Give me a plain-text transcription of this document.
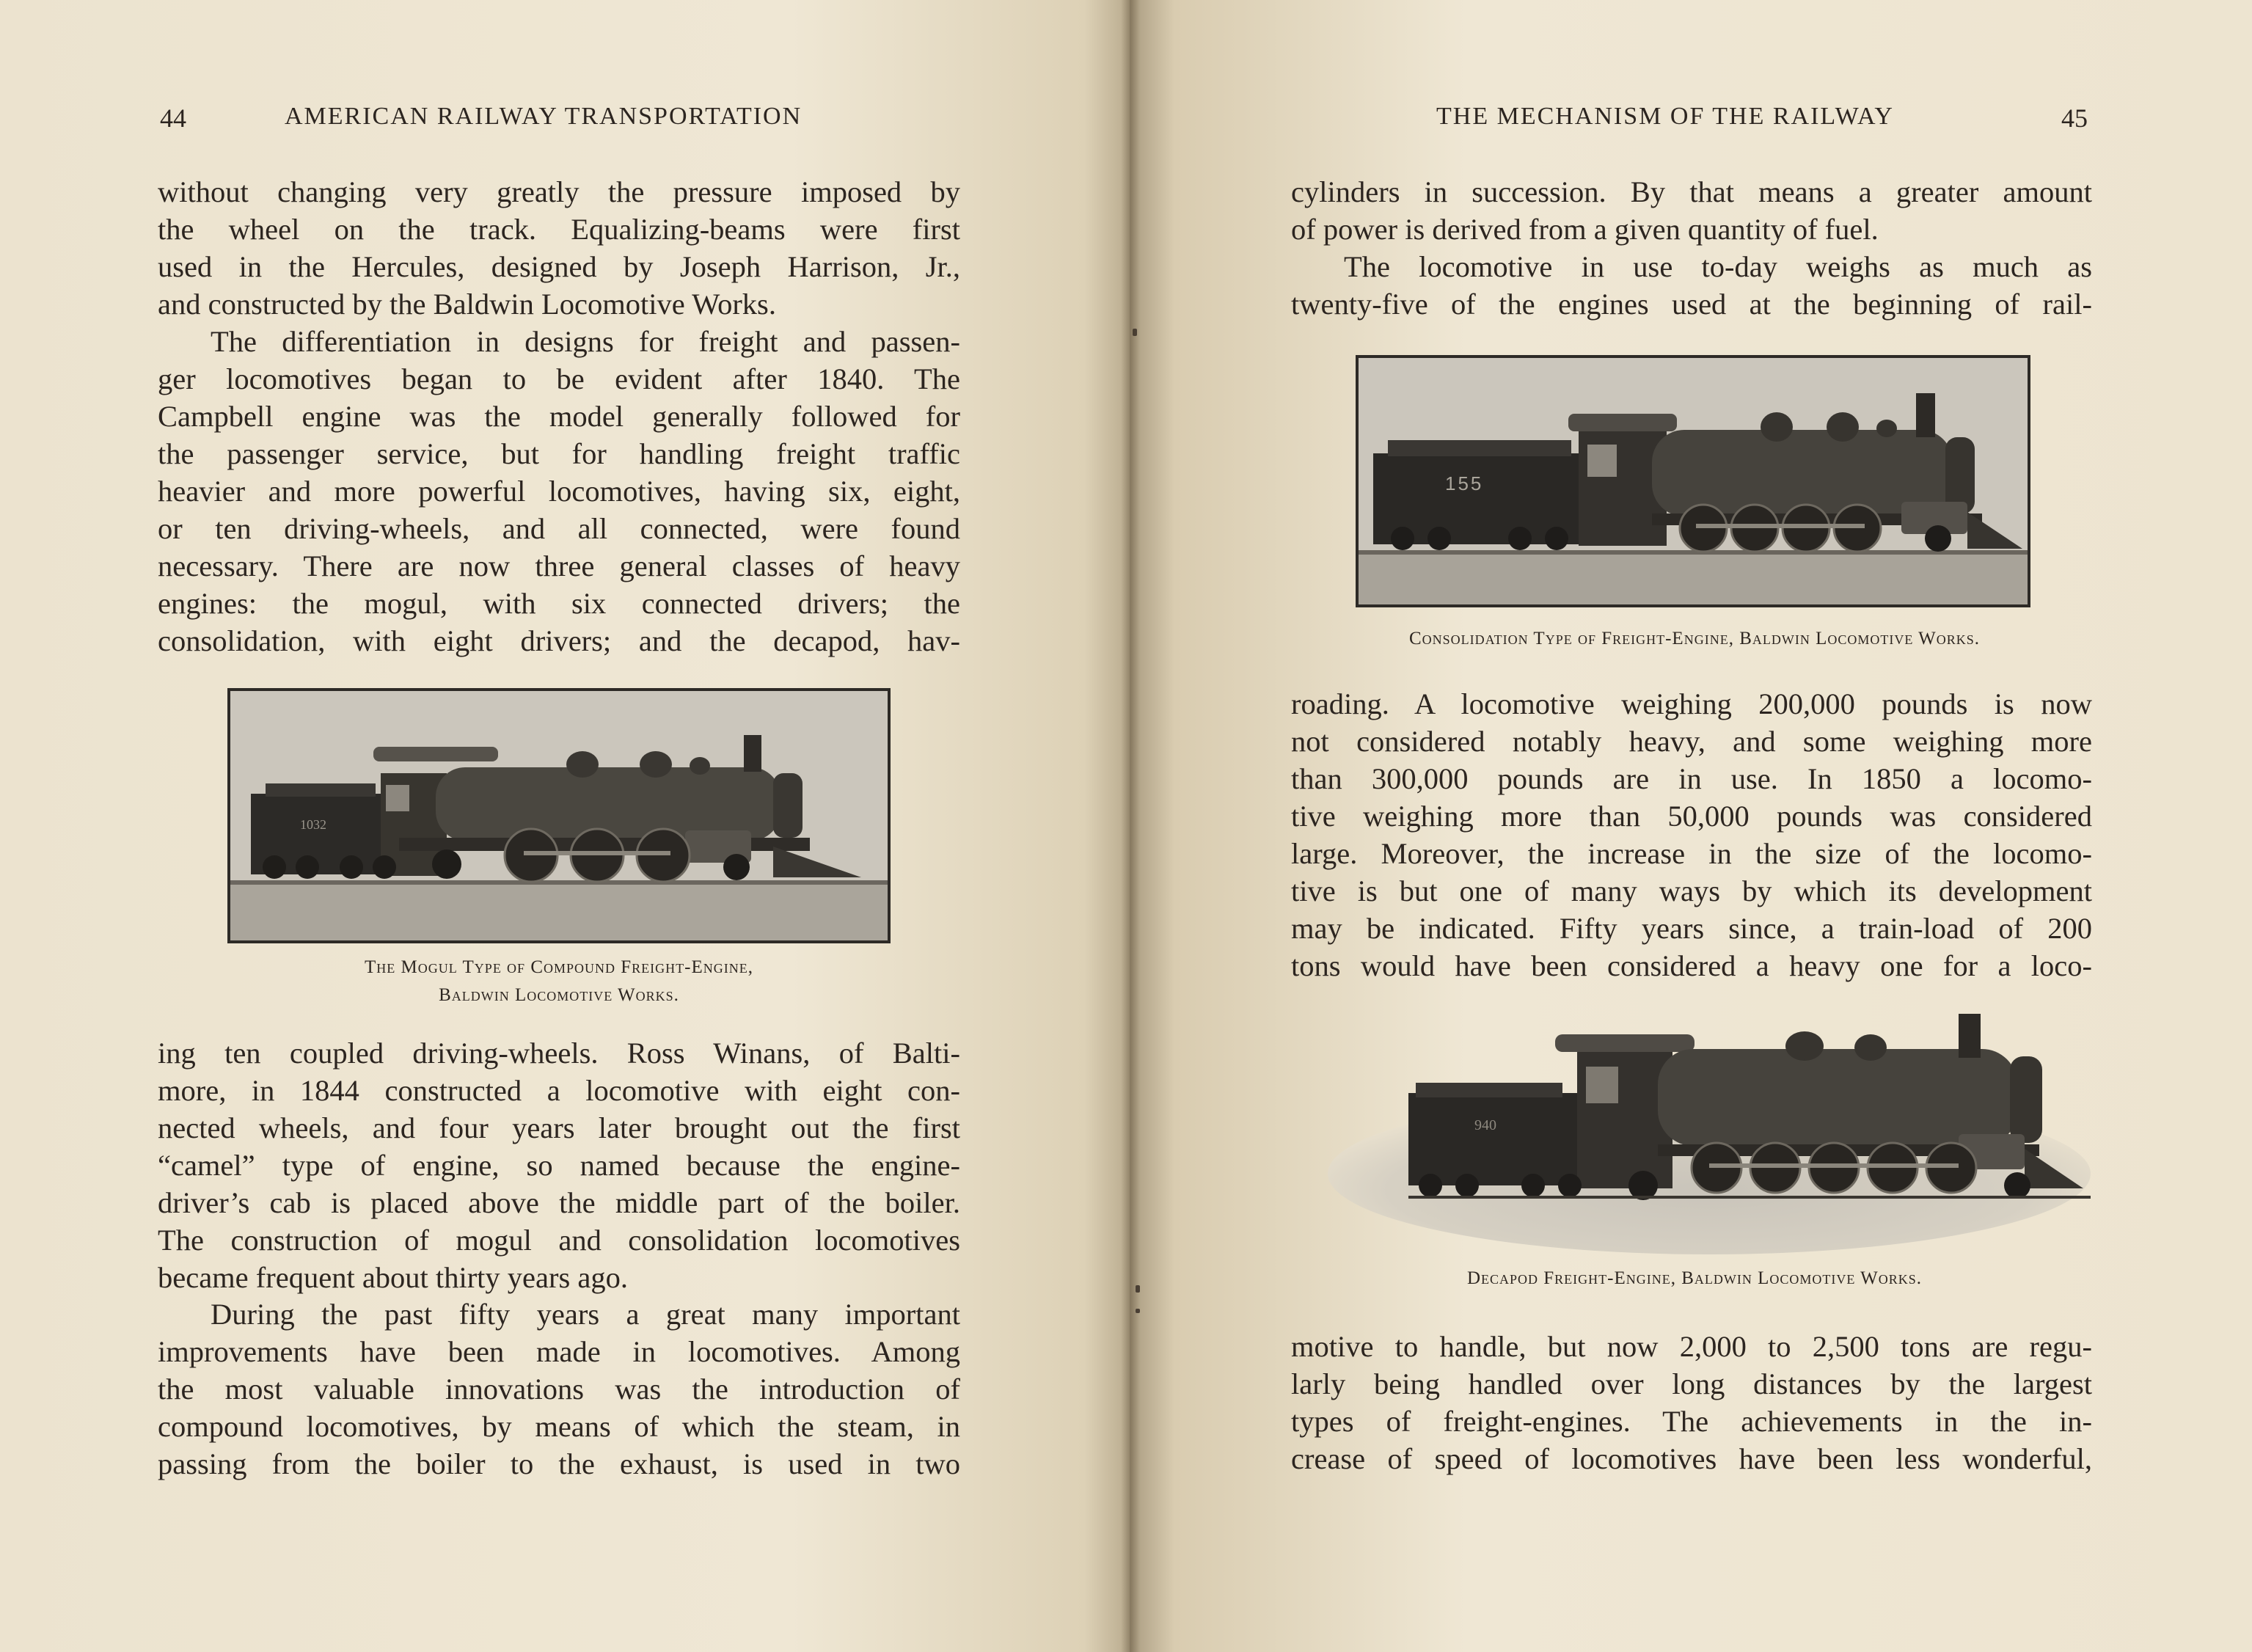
44	AMERICAN RAILWAY TRANSPORTATION
without changing very greatly the pressure imposed by
the wheel on the track. Equalizing-beams were first
used in the Hercules, designed by Joseph Harrison, Jr.,
and constructed by the Baldwin Locomotive Works.
The differentiation in designs for freight and passen-
ger locomotives began to be evident after 1840. The
Campbell engine was the model generally followed for
the passenger service, but for handling freight traffic
heavier and more powerful locomotives, having six, eight,
or ten driving-wheels, and all connected, were found
necessary. There are now three general classes of heavy
engines: the mogul, with six connected drivers; the
consolidation, with eight drivers; and the decapod, hav-
1032
The Mogul Type of Compound Freight-Engine,
Baldwin Locomotive Works.
ing ten coupled driving-wheels. Ross Winans, of Balti-
more, in 1844 constructed a locomotive with eight con-
nected wheels, and four years later brought out the first
“camel” type of engine, so named because the engine-
driver’s cab is placed above the middle part of the boiler.
The construction of mogul and consolidation locomotives
became frequent about thirty years ago.
During the past fifty years a great many important
improvements have been made in locomotives. Among
the most valuable innovations was the introduction of
compound locomotives, by means of which the steam, in
passing from the boiler to the exhaust, is used in two
THE MECHANISM OF THE RAILWAY	45
cylinders in succession. By that means a greater amount
of power is derived from a given quantity of fuel.
The locomotive in use to-day weighs as much as
twenty-five of the engines used at the beginning of rail-
155
Consolidation Type of Freight-Engine, Baldwin Locomotive Works.
roading. A locomotive weighing 200,000 pounds is now
not considered notably heavy, and some weighing more
than 300,000 pounds are in use. In 1850 a locomo-
tive weighing more than 50,000 pounds was considered
large. Moreover, the increase in the size of the locomo-
tive is but one of many ways by which its development
may be indicated. Fifty years since, a train-load of 200
tons would have been considered a heavy one for a loco-
940
Decapod Freight-Engine, Baldwin Locomotive Works.
motive to handle, but now 2,000 to 2,500 tons are regu-
larly being handled over long distances by the largest
types of freight-engines. The achievements in the in-
crease of speed of locomotives have been less wonderful,
